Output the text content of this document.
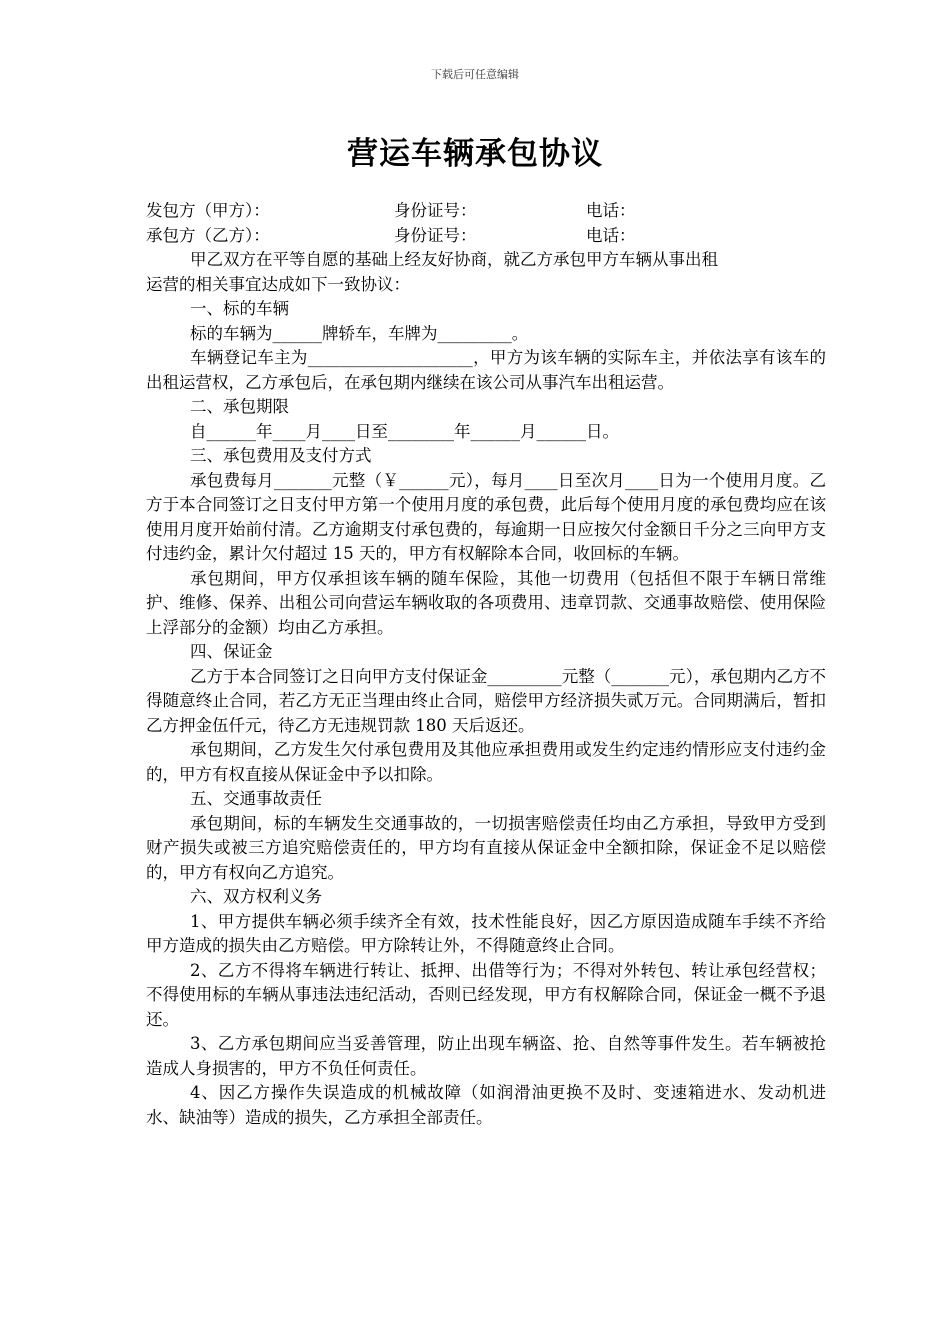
下载后可任意编辑
营运车辆承包协议
发包方（甲方）：	身份证号：	电话：
承包方（乙方）：	身份证号：	电话：
甲乙双方在平等自愿的基础上经友好协商，就乙方承包甲方车辆从事出租
运营的相关事宜达成如下一致协议：
一、标的车辆
标的车辆为______牌轿车，车牌为_________。
车辆登记车主为____________________，甲方为该车辆的实际车主，并依法享有该车的出租运营权，乙方承包后，在承包期内继续在该公司从事汽车出租运营。
二、承包期限
自______年____月____日至________年______月______日。
三、承包费用及支付方式
承包费每月_______元整（￥______元），每月____日至次月____日为一个使用月度。乙方于本合同签订之日支付甲方第一个使用月度的承包费，此后每个使用月度的承包费均应在该使用月度开始前付清。乙方逾期支付承包费的，每逾期一日应按欠付金额日千分之三向甲方支付违约金，累计欠付超过 15 天的，甲方有权解除本合同，收回标的车辆。
承包期间，甲方仅承担该车辆的随车保险，其他一切费用（包括但不限于车辆日常维护、维修、保养、出租公司向营运车辆收取的各项费用、违章罚款、交通事故赔偿、使用保险上浮部分的金额）均由乙方承担。
四、保证金
乙方于本合同签订之日向甲方支付保证金_________元整（_______元），承包期内乙方不得随意终止合同，若乙方无正当理由终止合同，赔偿甲方经济损失贰万元。合同期满后，暂扣乙方押金伍仟元，待乙方无违规罚款 180 天后返还。
承包期间，乙方发生欠付承包费用及其他应承担费用或发生约定违约情形应支付违约金的，甲方有权直接从保证金中予以扣除。
五、交通事故责任
承包期间，标的车辆发生交通事故的，一切损害赔偿责任均由乙方承担，导致甲方受到财产损失或被三方追究赔偿责任的，甲方均有直接从保证金中全额扣除，保证金不足以赔偿的，甲方有权向乙方追究。
六、双方权利义务
1、甲方提供车辆必须手续齐全有效，技术性能良好，因乙方原因造成随车手续不齐给甲方造成的损失由乙方赔偿。甲方除转让外，不得随意终止合同。
2、乙方不得将车辆进行转让、抵押、出借等行为；不得对外转包、转让承包经营权；不得使用标的车辆从事违法违纪活动，否则已经发现，甲方有权解除合同，保证金一概不予退还。
3、乙方承包期间应当妥善管理，防止出现车辆盗、抢、自然等事件发生。若车辆被抢造成人身损害的，甲方不负任何责任。
4、因乙方操作失误造成的机械故障（如润滑油更换不及时、变速箱进水、发动机进水、缺油等）造成的损失，乙方承担全部责任。
